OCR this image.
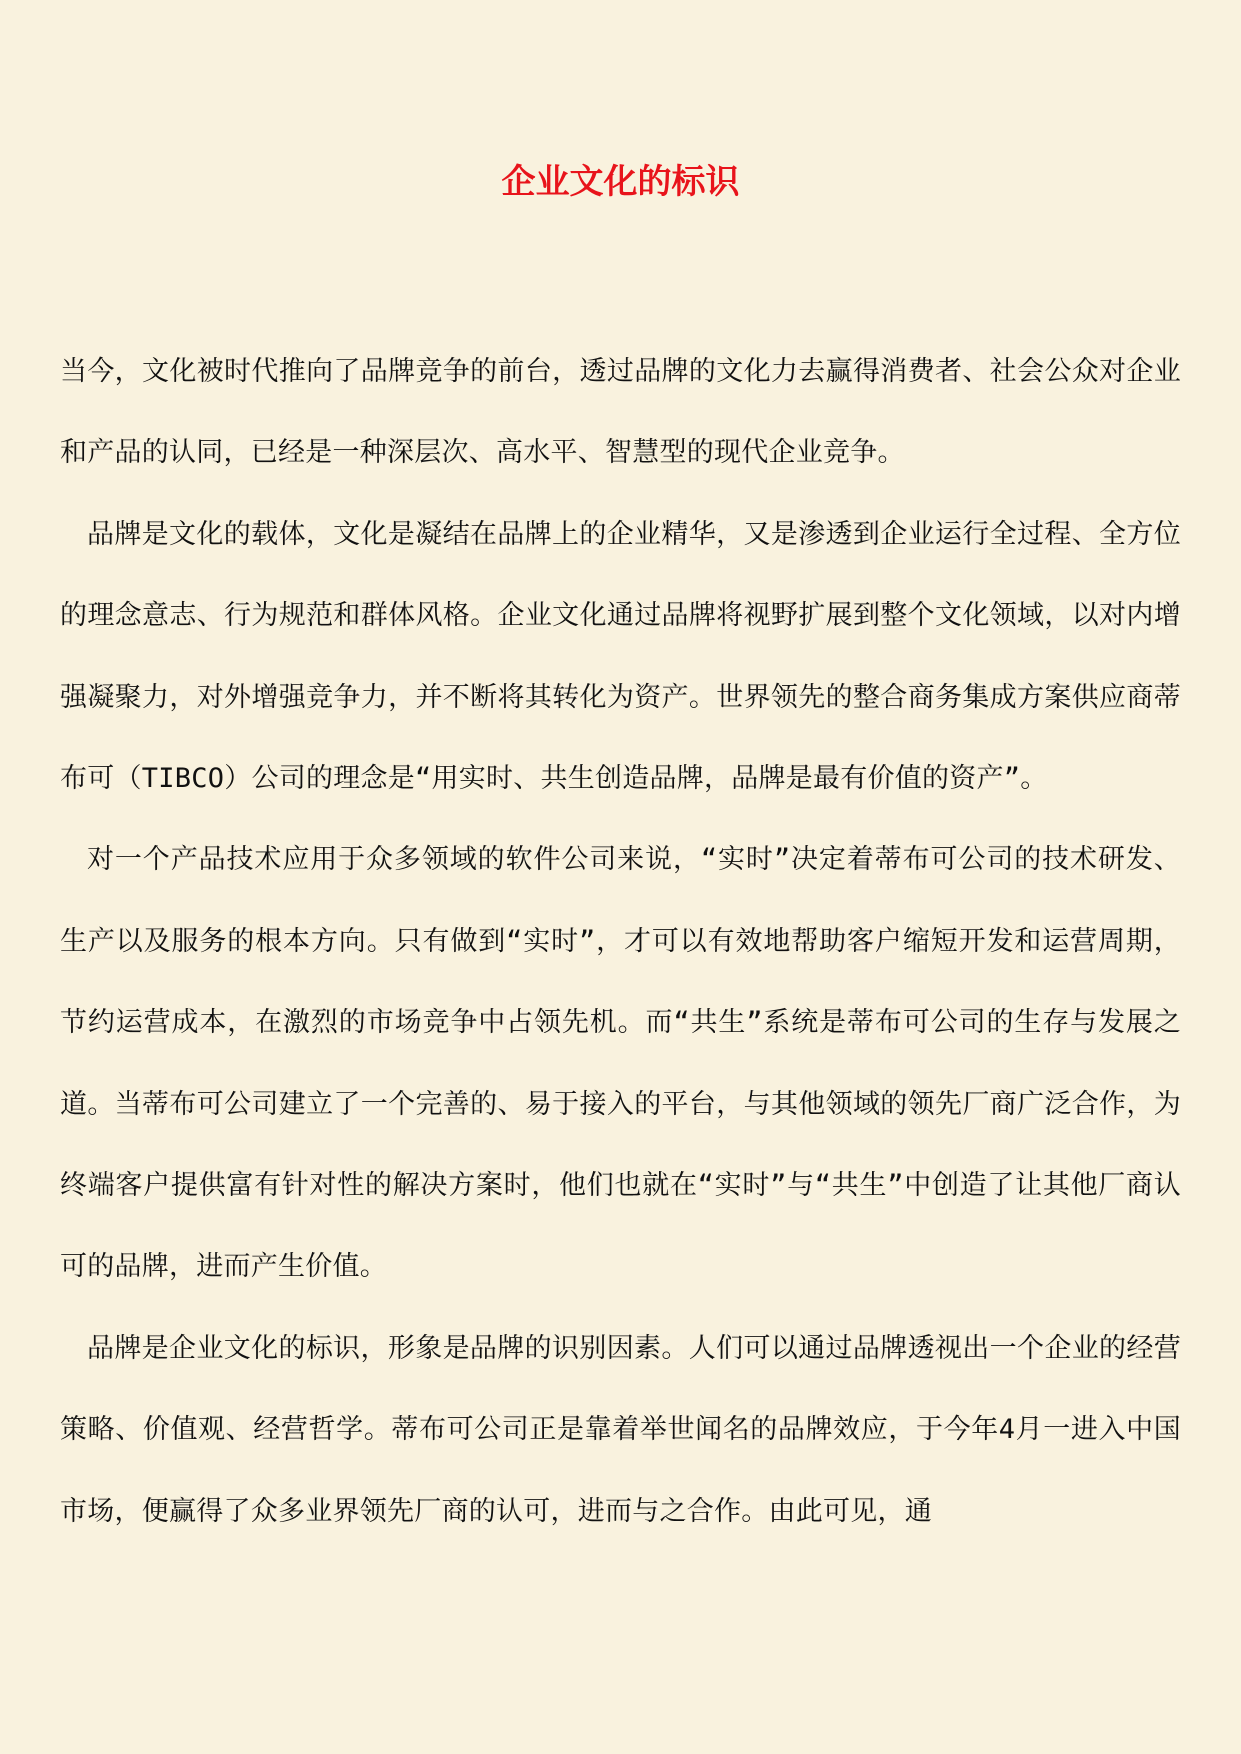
企业文化的标识

当今，文化被时代推向了品牌竞争的前台，透过品牌的文化力去赢得消费者、社会公众对企业和产品的认同，已经是一种深层次、高水平、智慧型的现代企业竞争。

品牌是文化的载体，文化是凝结在品牌上的企业精华，又是渗透到企业运行全过程、全方位的理念意志、行为规范和群体风格。企业文化通过品牌将视野扩展到整个文化领域，以对内增强凝聚力，对外增强竞争力，并不断将其转化为资产。世界领先的整合商务集成方案供应商蒂布可（TIBCO）公司的理念是“用实时、共生创造品牌，品牌是最有价值的资产”。

对一个产品技术应用于众多领域的软件公司来说，“实时”决定着蒂布可公司的技术研发、生产以及服务的根本方向。只有做到“实时”，才可以有效地帮助客户缩短开发和运营周期，节约运营成本，在激烈的市场竞争中占领先机。而“共生”系统是蒂布可公司的生存与发展之道。当蒂布可公司建立了一个完善的、易于接入的平台，与其他领域的领先厂商广泛合作，为终端客户提供富有针对性的解决方案时，他们也就在“实时”与“共生”中创造了让其他厂商认可的品牌，进而产生价值。

品牌是企业文化的标识，形象是品牌的识别因素。人们可以通过品牌透视出一个企业的经营策略、价值观、经营哲学。蒂布可公司正是靠着举世闻名的品牌效应，于今年4月一进入中国市场，便赢得了众多业界领先厂商的认可，进而与之合作。由此可见，通
